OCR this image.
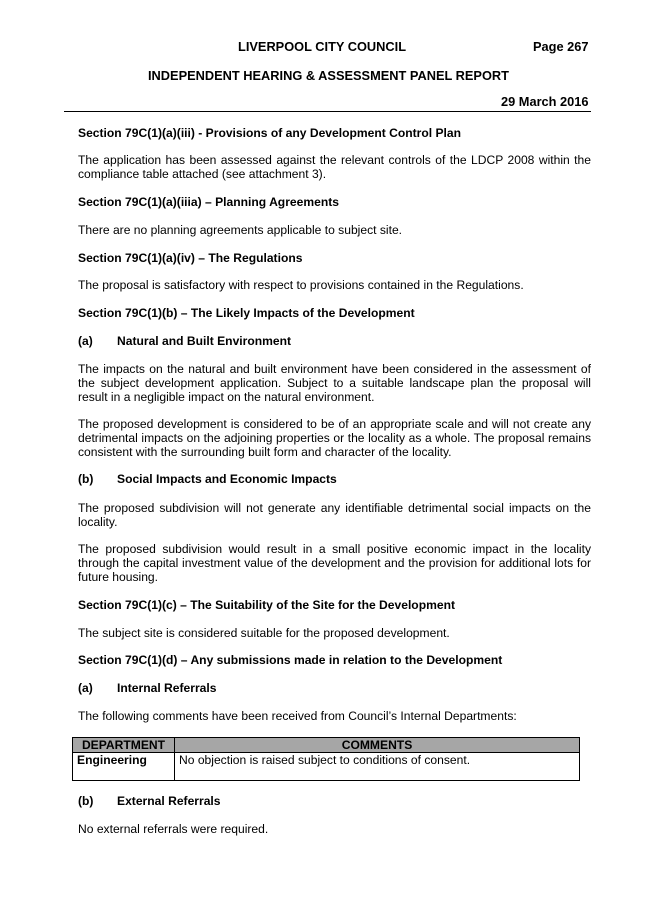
LIVERPOOL CITY COUNCIL	Page 267
INDEPENDENT HEARING & ASSESSMENT PANEL REPORT
29 March 2016
Section 79C(1)(a)(iii) - Provisions of any Development Control Plan
The application has been assessed against the relevant controls of the LDCP 2008 within the compliance table attached (see attachment 3).
Section 79C(1)(a)(iiia) – Planning Agreements
There are no planning agreements applicable to subject site.
Section 79C(1)(a)(iv) – The Regulations
The proposal is satisfactory with respect to provisions contained in the Regulations.
Section 79C(1)(b) – The Likely Impacts of the Development
(a) Natural and Built Environment
The impacts on the natural and built environment have been considered in the assessment of the subject development application. Subject to a suitable landscape plan the proposal will result in a negligible impact on the natural environment.
The proposed development is considered to be of an appropriate scale and will not create any detrimental impacts on the adjoining properties or the locality as a whole. The proposal remains consistent with the surrounding built form and character of the locality.
(b) Social Impacts and Economic Impacts
The proposed subdivision will not generate any identifiable detrimental social impacts on the locality.
The proposed subdivision would result in a small positive economic impact in the locality through the capital investment value of the development and the provision for additional lots for future housing.
Section 79C(1)(c) – The Suitability of the Site for the Development
The subject site is considered suitable for the proposed development.
Section 79C(1)(d) – Any submissions made in relation to the Development
(a) Internal Referrals
The following comments have been received from Council’s Internal Departments:
DEPARTMENT	COMMENTS
Engineering	No objection is raised subject to conditions of consent.
(b) External Referrals
No external referrals were required.
